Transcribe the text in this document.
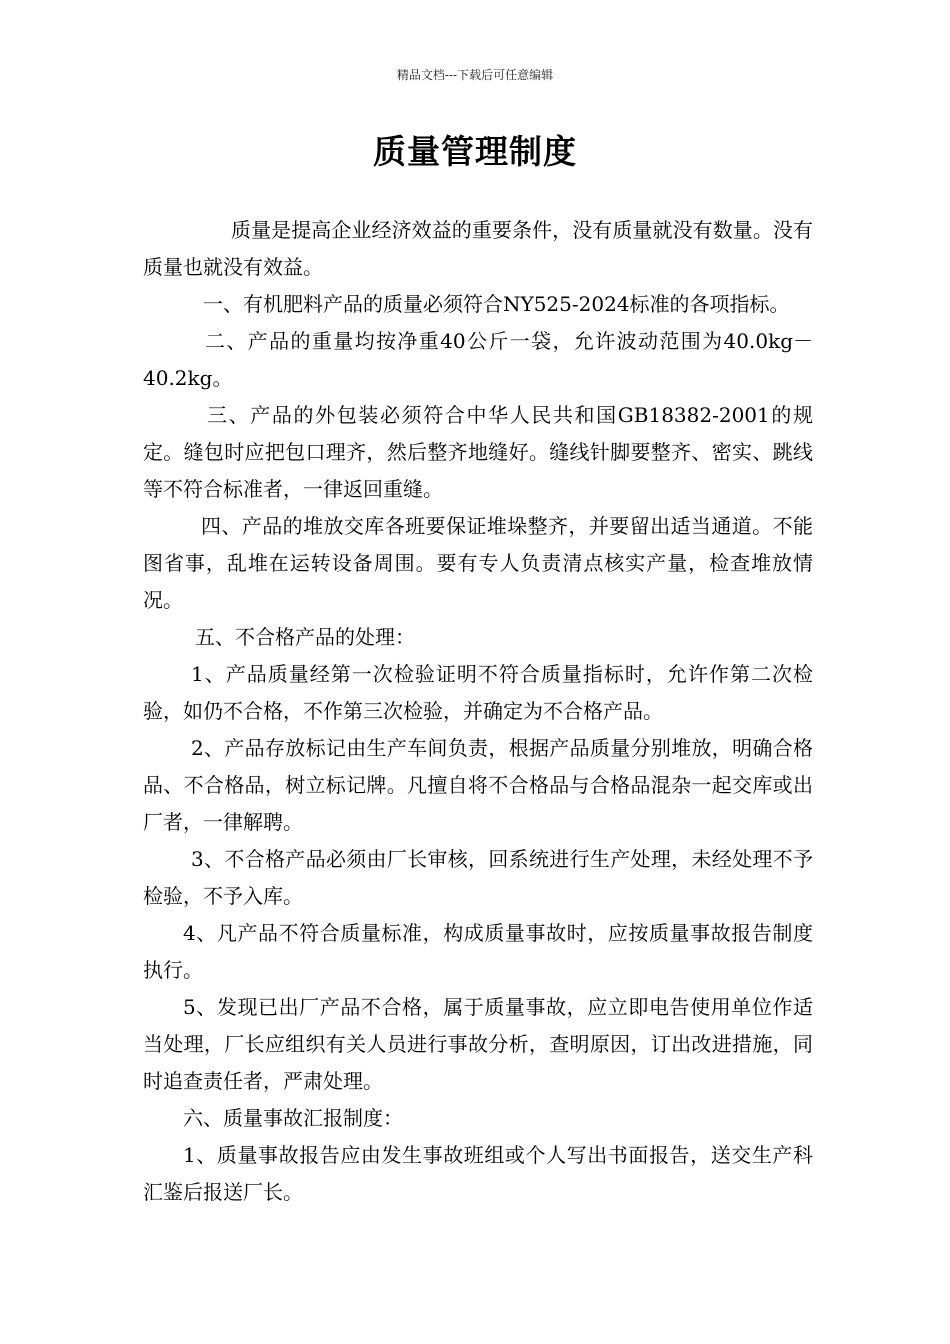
精品文档---下载后可任意编辑
质量管理制度

质量是提高企业经济效益的重要条件，没有质量就没有数量。没有质量也就没有效益。

一、有机肥料产品的质量必须符合NY525-2024标准的各项指标。

二、产品的重量均按净重40公斤一袋，允许波动范围为40.0kg－40.2kg。

三、产品的外包装必须符合中华人民共和国GB18382-2001的规定。缝包时应把包口理齐，然后整齐地缝好。缝线针脚要整齐、密实、跳线等不符合标准者，一律返回重缝。

四、产品的堆放交库各班要保证堆垛整齐，并要留出适当通道。不能图省事，乱堆在运转设备周围。要有专人负责清点核实产量，检查堆放情况。

五、不合格产品的处理：

1、产品质量经第一次检验证明不符合质量指标时，允许作第二次检验，如仍不合格，不作第三次检验，并确定为不合格产品。

2、产品存放标记由生产车间负责，根据产品质量分别堆放，明确合格品、不合格品，树立标记牌。凡擅自将不合格品与合格品混杂一起交库或出厂者，一律解聘。

3、不合格产品必须由厂长审核，回系统进行生产处理，未经处理不予检验，不予入库。

4、凡产品不符合质量标准，构成质量事故时，应按质量事故报告制度执行。

5、发现已出厂产品不合格，属于质量事故，应立即电告使用单位作适当处理，厂长应组织有关人员进行事故分析，查明原因，订出改进措施，同时追查责任者，严肃处理。

六、质量事故汇报制度：

1、质量事故报告应由发生事故班组或个人写出书面报告，送交生产科汇鉴后报送厂长。
